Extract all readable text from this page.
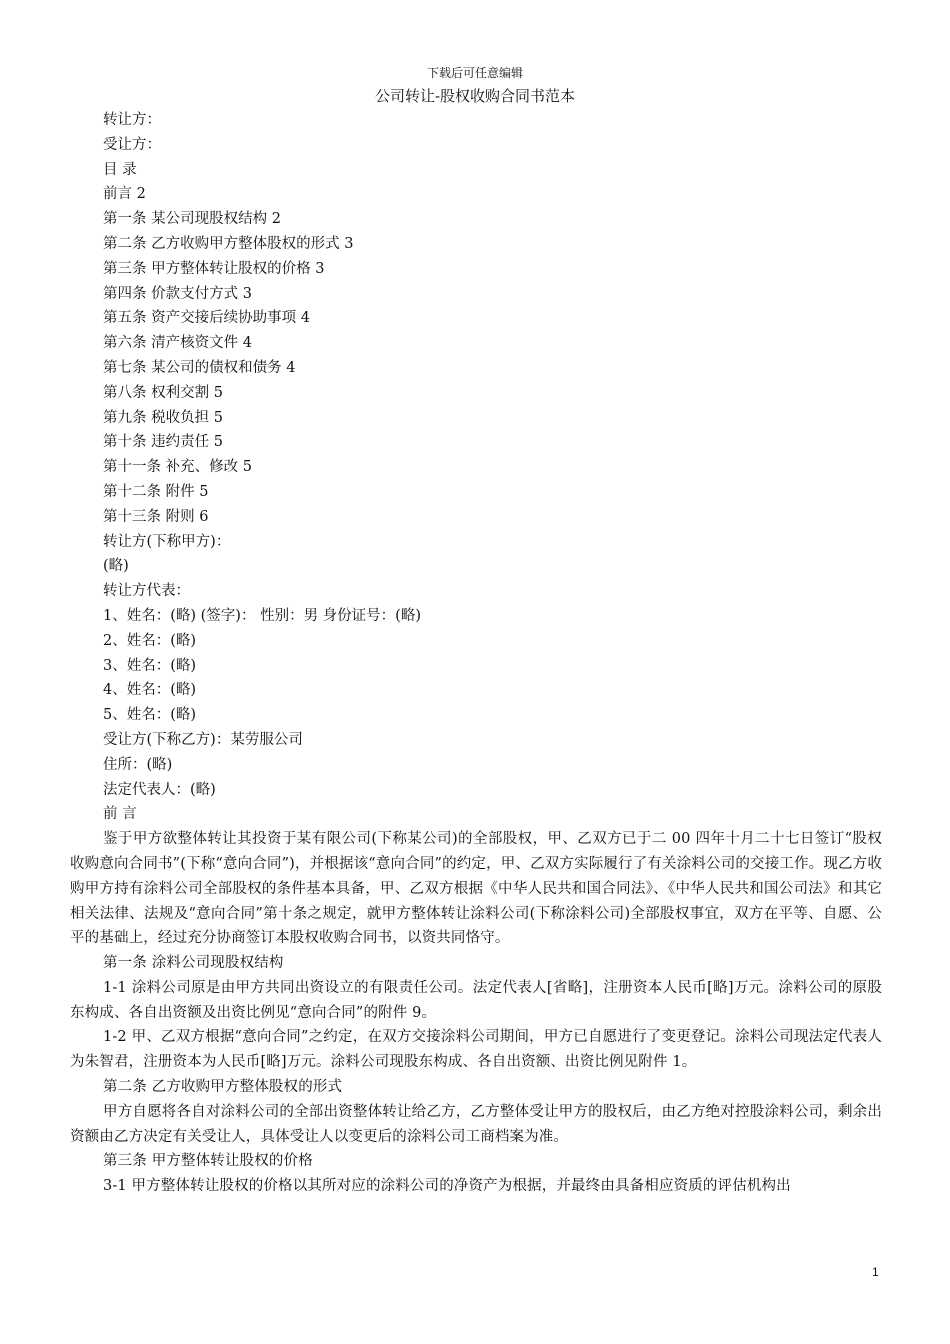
下载后可任意编辑
公司转让-股权收购合同书范本
转让方：
受让方：
目 录
前言 2
第一条 某公司现股权结构 2
第二条 乙方收购甲方整体股权的形式 3
第三条 甲方整体转让股权的价格 3
第四条 价款支付方式 3
第五条 资产交接后续协助事项 4
第六条 清产核资文件 4
第七条 某公司的债权和债务 4
第八条 权利交割 5
第九条 税收负担 5
第十条 违约责任 5
第十一条 补充、修改 5
第十二条 附件 5
第十三条 附则 6
转让方(下称甲方)：
(略)
转让方代表：
1、姓名：(略) (签字)： 性别：男 身份证号：(略)
2、姓名：(略)
3、姓名：(略)
4、姓名：(略)
5、姓名：(略)
受让方(下称乙方)：某劳服公司
住所：(略)
法定代表人：(略)
前 言
鉴于甲方欲整体转让其投资于某有限公司(下称某公司)的全部股权，甲、乙双方已于二 00 四年十月二十七日签订“股权收购意向合同书”(下称“意向合同”)，并根据该“意向合同”的约定，甲、乙双方实际履行了有关涂料公司的交接工作。现乙方收购甲方持有涂料公司全部股权的条件基本具备，甲、乙双方根据《中华人民共和国合同法》、《中华人民共和国公司法》和其它相关法律、法规及“意向合同”第十条之规定，就甲方整体转让涂料公司(下称涂料公司)全部股权事宜，双方在平等、自愿、公平的基础上，经过充分协商签订本股权收购合同书，以资共同恪守。
第一条 涂料公司现股权结构
1-1 涂料公司原是由甲方共同出资设立的有限责任公司。法定代表人[省略]，注册资本人民币[略]万元。涂料公司的原股东构成、各自出资额及出资比例见“意向合同”的附件 9。
1-2 甲、乙双方根据“意向合同”之约定，在双方交接涂料公司期间，甲方已自愿进行了变更登记。涂料公司现法定代表人为朱智君，注册资本为人民币[略]万元。涂料公司现股东构成、各自出资额、出资比例见附件 1。
第二条 乙方收购甲方整体股权的形式
甲方自愿将各自对涂料公司的全部出资整体转让给乙方，乙方整体受让甲方的股权后，由乙方绝对控股涂料公司，剩余出资额由乙方决定有关受让人，具体受让人以变更后的涂料公司工商档案为准。
第三条 甲方整体转让股权的价格
3-1 甲方整体转让股权的价格以其所对应的涂料公司的净资产为根据，并最终由具备相应资质的评估机构出
1
